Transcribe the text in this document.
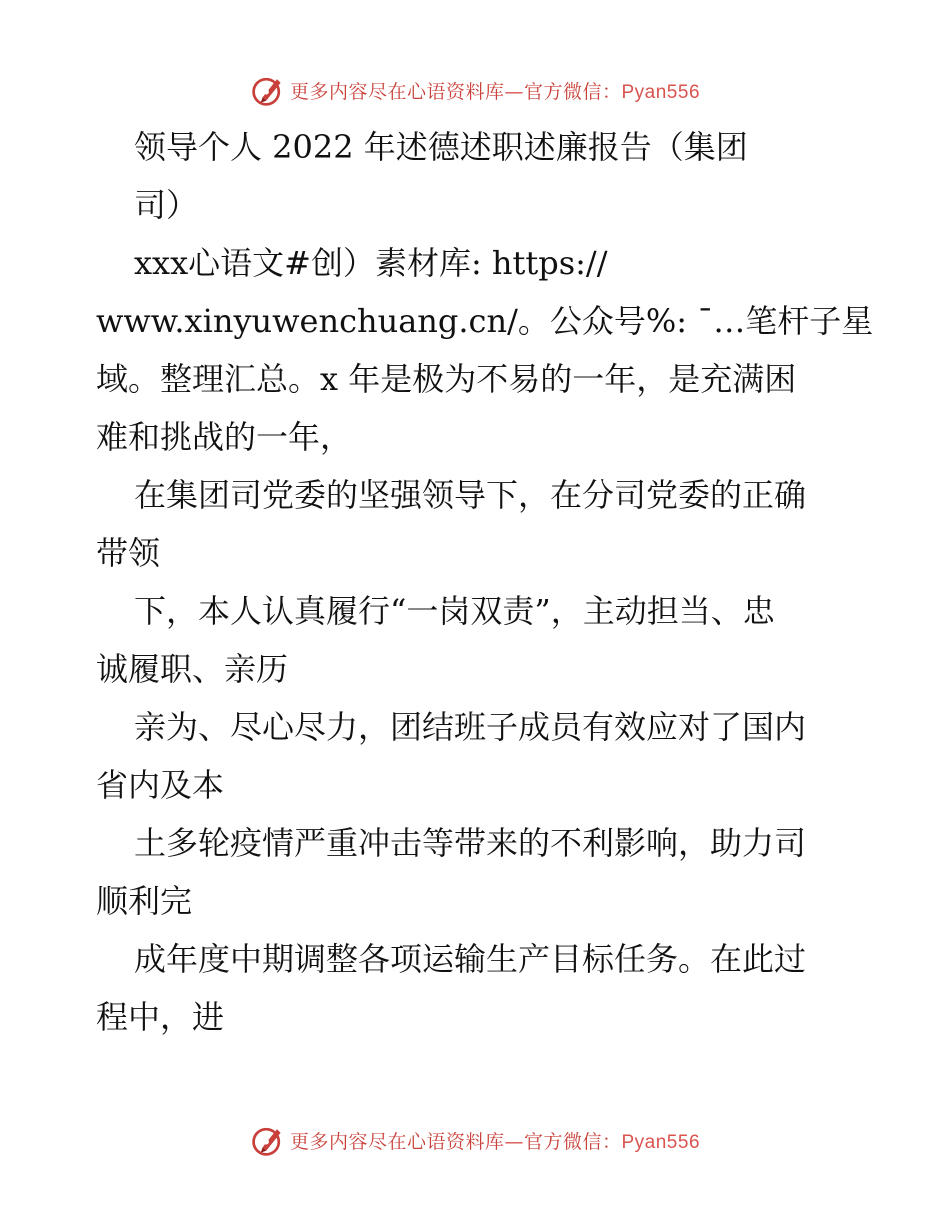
更多内容尽在心语资料库—官方微信：Pyan556
领导个人 2022 年述德述职述廉报告（集团
司）
xxx心语文#创）素材库: https://
www.xinyuwenchuang.cn/。公众号%: ¯…笔杆子星
域。整理汇总。x 年是极为不易的一年，是充满困
难和挑战的一年，
在集团司党委的坚强领导下，在分司党委的正确
带领
下，本人认真履行“一岗双责”，主动担当、忠
诚履职、亲历
亲为、尽心尽力，团结班子成员有效应对了国内
省内及本
土多轮疫情严重冲击等带来的不利影响，助力司
顺利完
成年度中期调整各项运输生产目标任务。在此过
程中，进
更多内容尽在心语资料库—官方微信：Pyan556
